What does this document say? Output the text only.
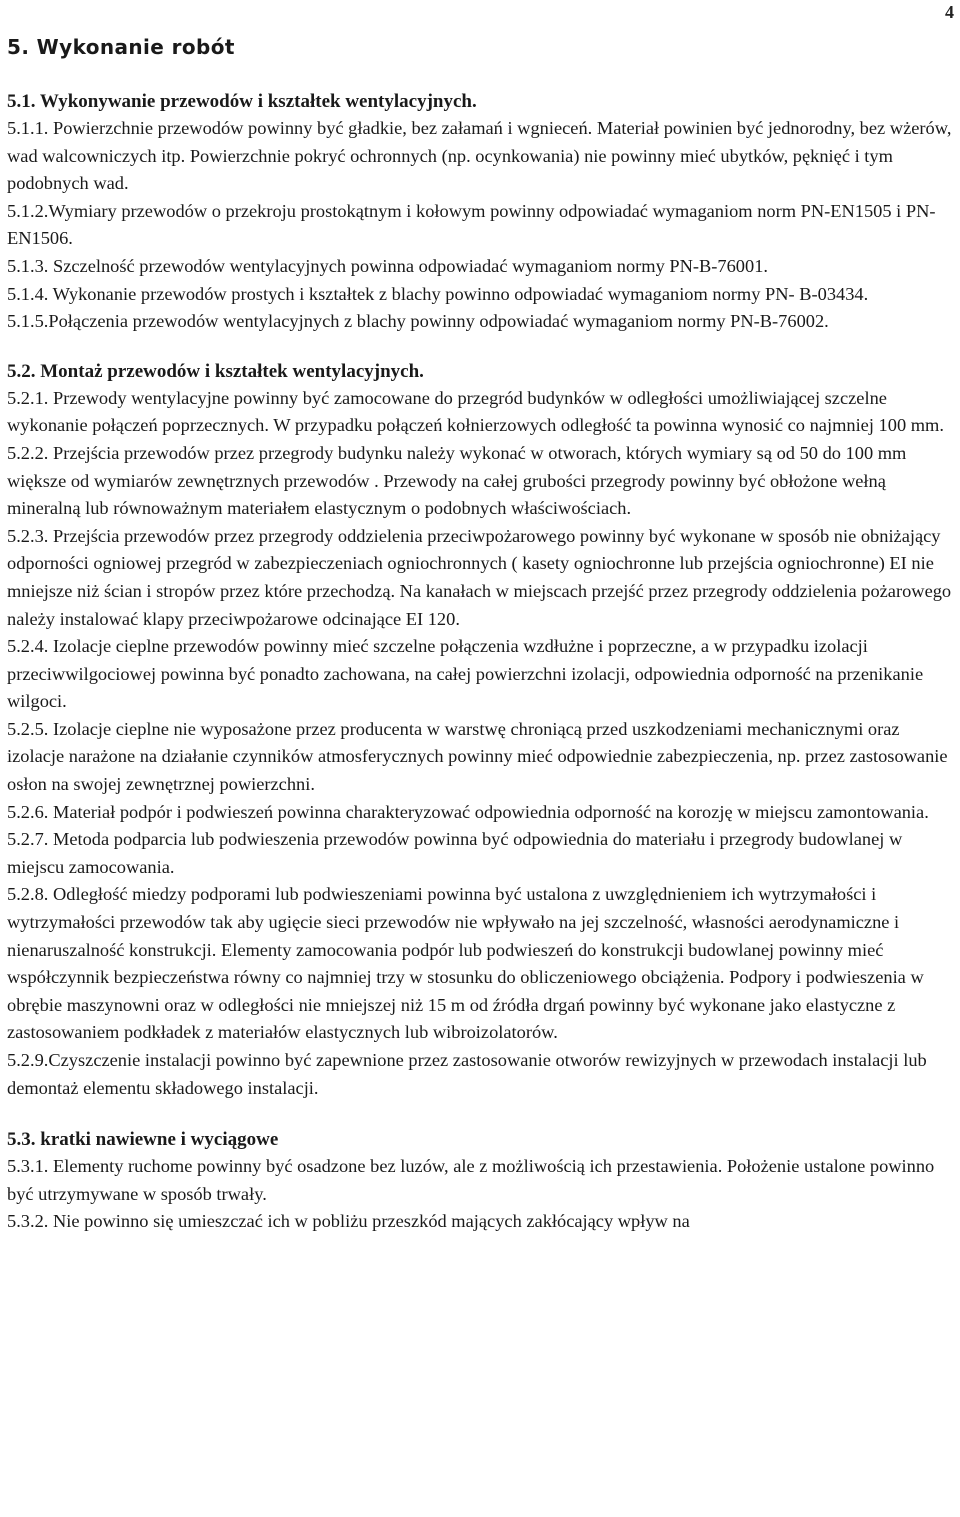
4
5. Wykonanie robót
5.1. Wykonywanie przewodów i kształtek wentylacyjnych.
5.1.1. Powierzchnie przewodów powinny być gładkie, bez załamań i wgnieceń. Materiał powinien być jednorodny, bez wżerów, wad walcowniczych itp. Powierzchnie pokryć ochronnych (np. ocynkowania) nie powinny mieć ubytków, pęknięć i tym podobnych wad.
5.1.2.Wymiary przewodów o przekroju prostokątnym i kołowym powinny odpowiadać wymaganiom norm PN-EN1505 i PN-EN1506.
5.1.3. Szczelność przewodów wentylacyjnych powinna odpowiadać wymaganiom normy PN-B-76001.
5.1.4. Wykonanie przewodów prostych i kształtek z blachy powinno odpowiadać wymaganiom normy PN- B-03434.
5.1.5.Połączenia przewodów wentylacyjnych z blachy powinny odpowiadać wymaganiom normy PN-B-76002.
5.2. Montaż przewodów i kształtek wentylacyjnych.
5.2.1. Przewody wentylacyjne powinny być zamocowane do przegród budynków w odległości umożliwiającej szczelne wykonanie połączeń poprzecznych. W przypadku połączeń kołnierzowych odległość ta powinna wynosić co najmniej 100 mm.
5.2.2. Przejścia przewodów przez przegrody budynku należy wykonać w otworach, których wymiary są od 50 do 100 mm większe od wymiarów zewnętrznych przewodów . Przewody na całej grubości przegrody powinny być obłożone wełną mineralną lub równoważnym materiałem elastycznym o podobnych właściwościach.
5.2.3. Przejścia przewodów przez przegrody oddzielenia przeciwpożarowego powinny być wykonane w sposób nie obniżający odporności ogniowej przegród w zabezpieczeniach ogniochronnych ( kasety ogniochronne lub przejścia ogniochronne) EI nie mniejsze niż ścian i stropów przez które przechodzą. Na kanałach w miejscach przejść przez przegrody oddzielenia pożarowego należy instalować klapy przeciwpożarowe odcinające EI 120.
5.2.4. Izolacje cieplne przewodów powinny mieć szczelne połączenia wzdłużne i poprzeczne, a w przypadku izolacji przeciwwilgociowej powinna być ponadto zachowana, na całej powierzchni izolacji, odpowiednia odporność na przenikanie wilgoci.
5.2.5. Izolacje cieplne nie wyposażone przez producenta w warstwę chroniącą przed uszkodzeniami mechanicznymi oraz izolacje narażone na działanie czynników atmosferycznych powinny mieć odpowiednie zabezpieczenia, np. przez zastosowanie osłon na swojej zewnętrznej powierzchni.
5.2.6. Materiał podpór i podwieszeń powinna charakteryzować odpowiednia odporność na korozję w miejscu zamontowania.
5.2.7. Metoda podparcia lub podwieszenia przewodów powinna być odpowiednia do materiału i przegrody budowlanej w miejscu zamocowania.
5.2.8. Odległość miedzy podporami lub podwieszeniami powinna być ustalona z uwzględnieniem ich wytrzymałości i wytrzymałości przewodów tak aby ugięcie sieci przewodów nie wpływało na jej szczelność, własności aerodynamiczne i nienaruszalność konstrukcji. Elementy zamocowania podpór lub podwieszeń do konstrukcji budowlanej powinny mieć współczynnik bezpieczeństwa równy co najmniej trzy w stosunku do obliczeniowego obciążenia. Podpory i podwieszenia w obrębie maszynowni oraz w odległości nie mniejszej niż 15 m od źródła drgań powinny być wykonane jako elastyczne z zastosowaniem podkładek z materiałów elastycznych lub wibroizolatorów.
5.2.9.Czyszczenie instalacji powinno być zapewnione przez zastosowanie otworów rewizyjnych w przewodach instalacji lub demontaż elementu składowego instalacji.
5.3. kratki nawiewne i wyciągowe
5.3.1. Elementy ruchome powinny być osadzone bez luzów, ale z możliwością ich przestawienia. Położenie ustalone powinno być utrzymywane w sposób trwały.
5.3.2. Nie powinno się umieszczać ich w pobliżu przeszkód mających zakłócający wpływ na
